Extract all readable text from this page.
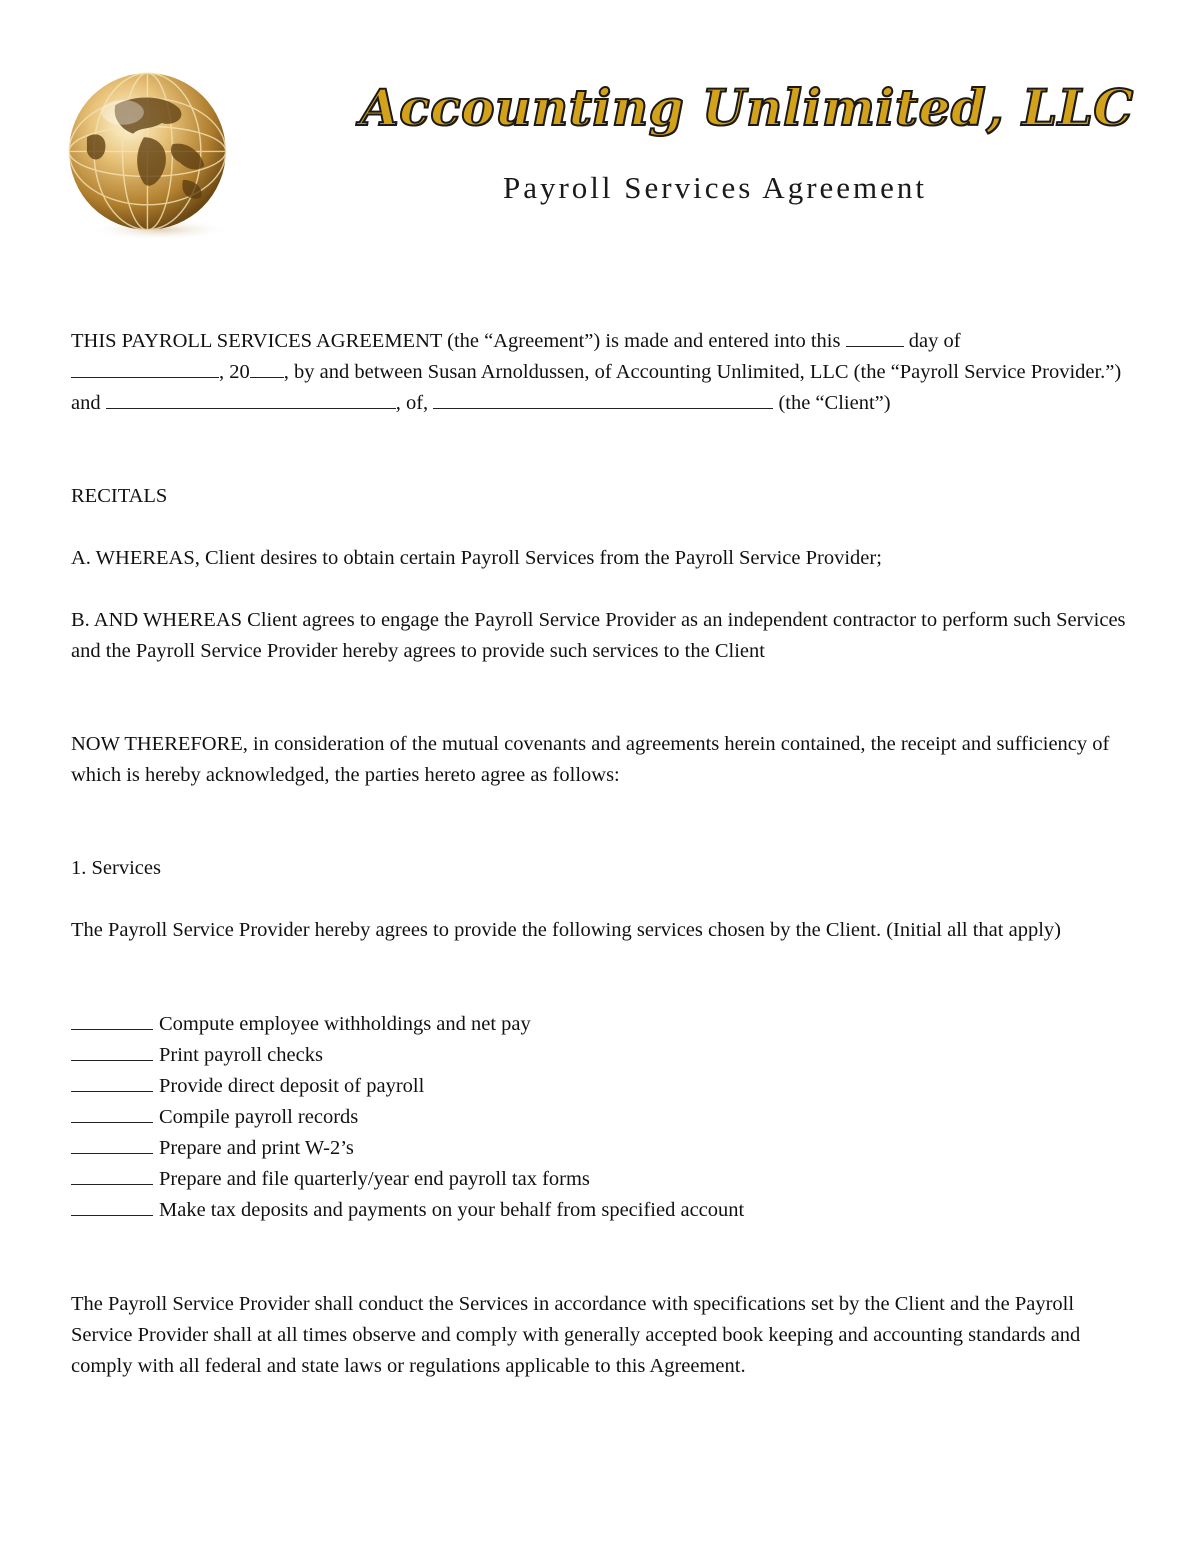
Accounting Unlimited, LLC
Payroll Services Agreement
THIS PAYROLL SERVICES AGREEMENT (the “Agreement”) is made and entered into this	day of
, 20 , by and between Susan Arnoldussen, of Accounting Unlimited, LLC (the “Payroll Service Provider.”) and	, of,	(the “Client”)
RECITALS
A. WHEREAS, Client desires to obtain certain Payroll Services from the Payroll Service Provider;
B. AND WHEREAS Client agrees to engage the Payroll Service Provider as an independent contractor to perform such Services and the Payroll Service Provider hereby agrees to provide such services to the Client
NOW THEREFORE, in consideration of the mutual covenants and agreements herein contained, the receipt and sufficiency of which is hereby acknowledged, the parties hereto agree as follows:
1. Services
The Payroll Service Provider hereby agrees to provide the following services chosen by the Client. (Initial all that apply)
Compute employee withholdings and net pay
Print payroll checks
Provide direct deposit of payroll
Compile payroll records
Prepare and print W-2’s
Prepare and file quarterly/year end payroll tax forms
Make tax deposits and payments on your behalf from specified account
The Payroll Service Provider shall conduct the Services in accordance with specifications set by the Client and the Payroll Service Provider shall at all times observe and comply with generally accepted book keeping and accounting standards and comply with all federal and state laws or regulations applicable to this Agreement.
